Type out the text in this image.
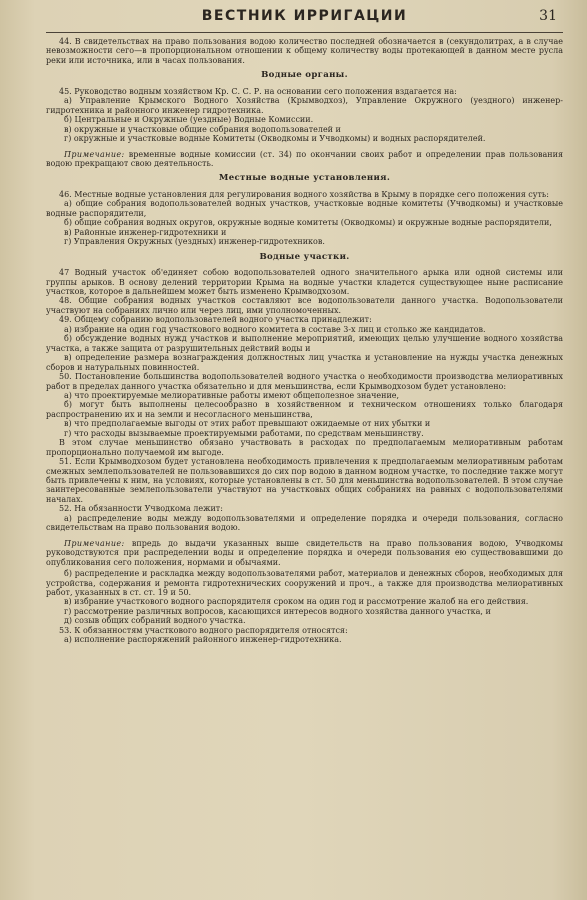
ВЕСТНИК ИРРИГАЦИИ	31

44. В свидетельствах на право пользования водою количество последней обозначается в (секундолитрах, а в случае невозможности сего—в пропорциональном отношении к общему количеству воды протекающей в данном месте русла реки или источника, или в часах пользования.

Водные органы.

45. Руководство водным хозяйством Кр. С. С. Р. на основании сего положения вздагается на:

а) Управление Крымского Водного Хозяйства (Крымводхоз), Управление Окружного (уездного) инженер-гидротехника и районного инженер гидротехника.

б) Центральные и Окружные (уездные) Водные Комиссии.

в) окружные и участковые общие собрания водопользователей и

г) окружные и участковые водные Комитеты (Окводкомы и Учводкомы) и водных распорядителей.

Примечание: временные водные комиссии (ст. 34) по окончании своих работ и определении прав пользования водою прекращают свою деятельность.

Местные водные установления.

46. Местные водные установления для регулирования водного хозяйства в Крыму в порядке сего положения суть:

а) общие собрания водопользователей водных участков, участковые водные комитеты (Учводкомы) и участковые водные распорядители,

б) общие собрания водных округов, окружные водные комитеты (Окводкомы) и окружные водные распорядители,

в) Районные инженер-гидротехники и

г) Управления Окружных (уездных) инженер-гидротехников.

Водные участки.

47 Водный участок об'единяет собою водопользователей одного значительного арыка или одной системы или группы арыков. В основу делений территории Крыма на водные участки кладется существующее ныне расписание участков, которое в дальнейшем может быть изменено Крымводхозом.

48. Общие собрания водных участков составляют все водопользователи данного участка. Водопользователи участвуют на собраниях лично или через лиц, ими уполномоченных.

49. Общему собранию водопользователей водного участка принадлежит:

а) избрание на один год участкового водного комитета в составе 3-х лиц и столько же кандидатов.

б) обсуждение водных нужд участков и выполнение мероприятий, имеющих целью улучшение водного хозяйства участка, а также защита от разрушительных действий воды и

в) определение размера вознаграждения должностных лиц участка и установление на нужды участка денежных сборов и натуральных повинностей.

50. Постановление большинства водопользователей водного участка о необходимости производства мелиоративных работ в пределах данного участка обязательно и для меньшинства, если Крымводхозом будет установлено:

а) что проектируемые мелиоративные работы имеют общеполезное значение,

б) могут быть выполнены целесообразно в хозяйственном и техническом отношениях только благодаря распространению их и на земли и несогласного меньшинства,

в) что предполагаемые выгоды от этих работ превышают ожидаемые от них убытки и

г) что расходы вызываемые проектируемыми работами, по средствам меньшинству.

В этом случае меньшинство обязано участвовать в расходах по предполагаемым мелиоративным работам пропорционально получаемой им выгоде.

51. Если Крымводхозом будет установлена необходимость привлечения к предполагаемым мелиоративным работам смежных землепользователей не пользовавшихся до сих пор водою в данном водном участке, то последние также могут быть привлечены к ним, на условиях, которые установлены в ст. 50 для меньшинства водопользователей. В этом случае заинтересованные землепользователи участвуют на участковых общих собраниях на равных с водопользователями началах.

52. На обязанности Учводкома лежит:

а) распределение воды между водопользователями и определение порядка и очереди пользования, согласно свидетельствам на право пользования водою.

Примечание: впредь до выдачи указанных выше свидетельств на право пользования водою, Учводкомы руководствуются при распределении воды и определение порядка и очереди пользования ею существовавшими до опубликования сего положения, нормами и обычаями.

б) распределение и раскладка между водопользователями работ, материалов и денежных сборов, необходимых для устройства, содержания и ремонта гидротехнических сооружений и проч., а также для производства мелиоративных работ, указанных в ст. ст. 19 и 50.

в) избрание участкового водного распорядителя сроком на один год и рассмотрение жалоб на его действия.

г) рассмотрение различных вопросов, касающихся интересов водного хозяйства данного участка, и

д) созыв общих собраний водного участка.

53. К обязанностям участкового водного распорядителя относятся:

а) исполнение распоряжений районного инженер-гидротехника.
